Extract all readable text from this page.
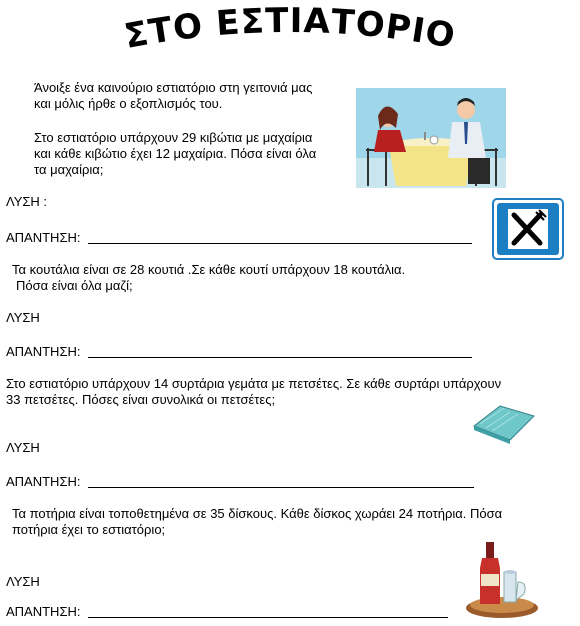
ΣΤΟ ΕΣΤΙΑΤΟΡΙΟ
Άνοιξε ένα καινούριο εστιατόριο στη γειτονιά μας
και μόλις ήρθε ο εξοπλισμός του.
Στο εστιατόριο υπάρχουν 29 κιβώτια με μαχαίρια
και κάθε κιβώτιο έχει 12 μαχαίρια. Πόσα είναι όλα
τα μαχαίρια;
ΛΥΣΗ :
ΑΠΑΝΤΗΣΗ:
Τα κουτάλια είναι σε 28 κουτιά .Σε κάθε κουτί υπάρχουν 18 κουτάλια.
Πόσα είναι όλα μαζί;
ΛΥΣΗ
ΑΠΑΝΤΗΣΗ:
Στο εστιατόριο υπάρχουν 14 συρτάρια γεμάτα με πετσέτες. Σε κάθε συρτάρι υπάρχουν
33 πετσέτες. Πόσες είναι συνολικά οι πετσέτες;
ΛΥΣΗ
ΑΠΑΝΤΗΣΗ:
Τα ποτήρια είναι τοποθετημένα σε 35 δίσκους. Κάθε δίσκος χωράει 24 ποτήρια. Πόσα
ποτήρια έχει το εστιατόριο;
ΛΥΣΗ
ΑΠΑΝΤΗΣΗ:
